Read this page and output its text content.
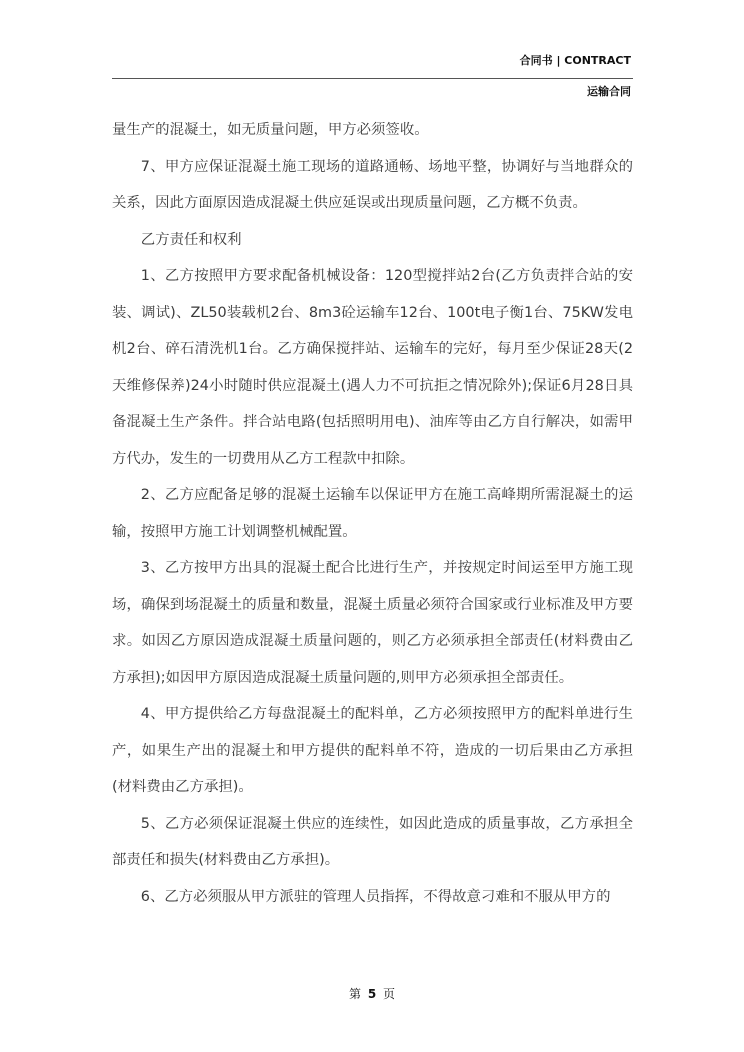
合同书 | CONTRACT
运输合同

量生产的混凝土，如无质量问题，甲方必须签收。

7、甲方应保证混凝土施工现场的道路通畅、场地平整，协调好与当地群众的关系，因此方面原因造成混凝土供应延误或出现质量问题，乙方概不负责。

乙方责任和权利

1、乙方按照甲方要求配备机械设备：120型搅拌站2台(乙方负责拌合站的安装、调试)、ZL50装载机2台、8m3砼运输车12台、100t电子衡1台、75KW发电机2台、碎石清洗机1台。乙方确保搅拌站、运输车的完好，每月至少保证28天(2天维修保养)24小时随时供应混凝土(遇人力不可抗拒之情况除外);保证6月28日具备混凝土生产条件。拌合站电路(包括照明用电)、油库等由乙方自行解决，如需甲方代办，发生的一切费用从乙方工程款中扣除。

2、乙方应配备足够的混凝土运输车以保证甲方在施工高峰期所需混凝土的运输，按照甲方施工计划调整机械配置。

3、乙方按甲方出具的混凝土配合比进行生产，并按规定时间运至甲方施工现场，确保到场混凝土的质量和数量，混凝土质量必须符合国家或行业标准及甲方要求。如因乙方原因造成混凝土质量问题的，则乙方必须承担全部责任(材料费由乙方承担);如因甲方原因造成混凝土质量问题的,则甲方必须承担全部责任。

4、甲方提供给乙方每盘混凝土的配料单，乙方必须按照甲方的配料单进行生产，如果生产出的混凝土和甲方提供的配料单不符，造成的一切后果由乙方承担(材料费由乙方承担)。

5、乙方必须保证混凝土供应的连续性，如因此造成的质量事故，乙方承担全部责任和损失(材料费由乙方承担)。

6、乙方必须服从甲方派驻的管理人员指挥，不得故意刁难和不服从甲方的

第 5 页
